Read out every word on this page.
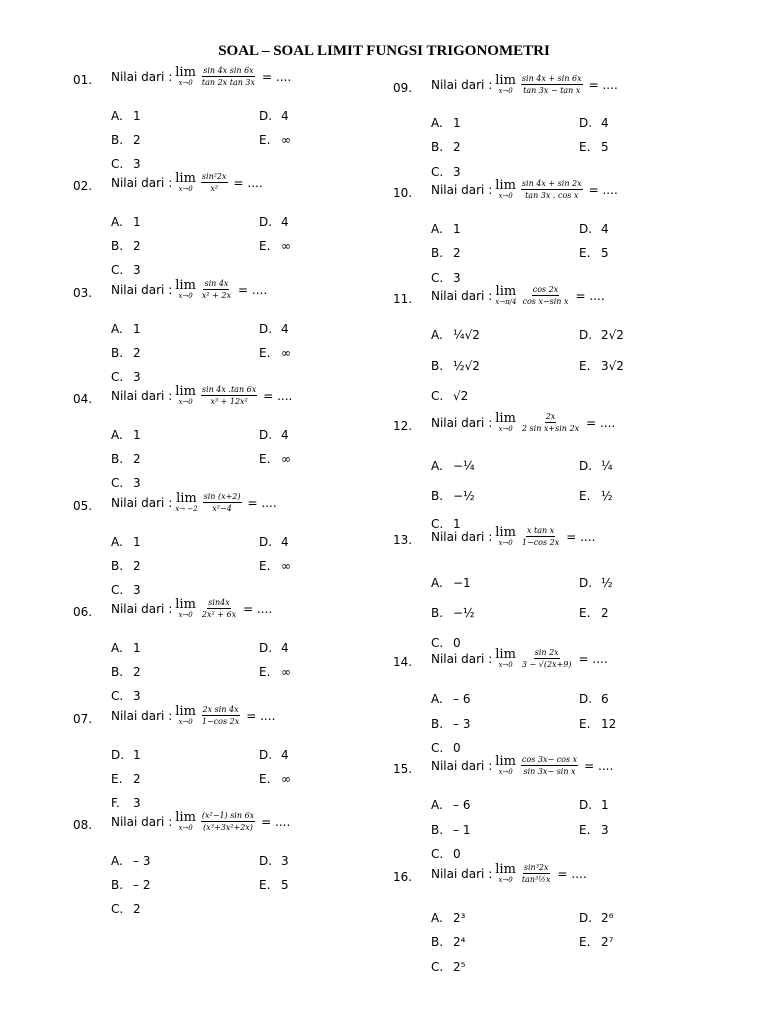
SOAL – SOAL LIMIT FUNGSI TRIGONOMETRI
01. Nilai dari : lim
$x\to 0 \frac{\text{sin 4x sin 6x}}{\text{tan 2x tan 3x}}$ = ....
A. 1	D. 4
B. 2	E. ∞
C. 3
02. Nilai dari : lim
$x\to 0 \frac{\text{sin²2x}}{\text{x²}}$ = ....
A. 1	D. 4
B. 2	E. ∞
C. 3
03. Nilai dari : lim
$x\to 0 \frac{\sin 4x}{\text{x² + 2x}}$ = ....
A. 1	D. 4
B. 2	E. ∞
C. 3
04. Nilai dari : lim
$x\to 0 \frac{\sin 4x .\tan 6x}{\text{x³ + 12x²}}$ = ....
A. 1	D. 4
B. 2	E. ∞
C. 3
05. Nilai dari : lim
$x\to -2 \frac{\sin (x+2)}{\text{x²−4}}$ = ....
A. 1	D. 4
B. 2	E. ∞
C. 3
06. Nilai dari : lim
$x\to 0 \frac{\sin 4x}{\text{2x² + 6x}}$ = ....
A. 1	D. 4
B. 2	E. ∞
C. 3
07. Nilai dari : lim
$x\to 0 \frac{\text{2x sin 4x}}{1-\cos 2x}$ = ....
D. 1	D. 4
E. 2	E. ∞
F.	3
08. Nilai dari : lim
$x\to 0 \frac{\text{(x²−1) sin 6x}}{\text{(x³+3x²+2x)}}$ = ....
A. – 3	D. 3
B. – 2	E. 5
C. 2
09. Nilai dari : lim
$x\to 0 \frac{\sin 4x + \sin 6x}{\text{tan 3x − tan x}}$ = ....
A. 1	D. 4
B. 2	E. 5
C. 3
10. Nilai dari : lim
$x\to 0 \frac{\sin 4x + \sin 2x}{\text{tan 3x . cos x}}$ = ....
A. 1	D. 4
B. 2	E. 5
C. 3
11. Nilai dari : lim
$x\to\pi/4 \frac{\cos 2x}{\text{cos x−sin x}}$ = ....
A. ¼√2	D. 2√2
B. ½√2	E. 3√2
C. √2
12. Nilai dari : lim
$x\to 0 \frac{2x}{\text{2 sin x+sin 2x}}$ = ....
A. −¼	D. ¼
B. −½	E. ½
C. 1
13. Nilai dari : lim
$x\to 0 \frac{\text{x tan x}}{1-\cos 2x}$ = ....
A. −1	D. ½
B. −½	E. 2
C. 0
14. Nilai dari : lim
$x\to 0 \frac{\sin 2x}{3 - √(2x+9)}$ = ....
A. – 6	D. 6
B. – 3	E. 12
C. 0
15. Nilai dari : lim
$x\to 0 \frac{\text{cos 3x− cos x}}{\text{sin 3x− sin x}}$ = ....
A. – 6	D. 1
B. – 1	E. 3
C. 0
16. Nilai dari : lim
$x\to 0 \frac{\text{sin³2x}}{\text{tan³½x}}$ = ....
A. 2³	D. 2⁶
B. 2⁴	E. 2⁷
C. 2⁵
